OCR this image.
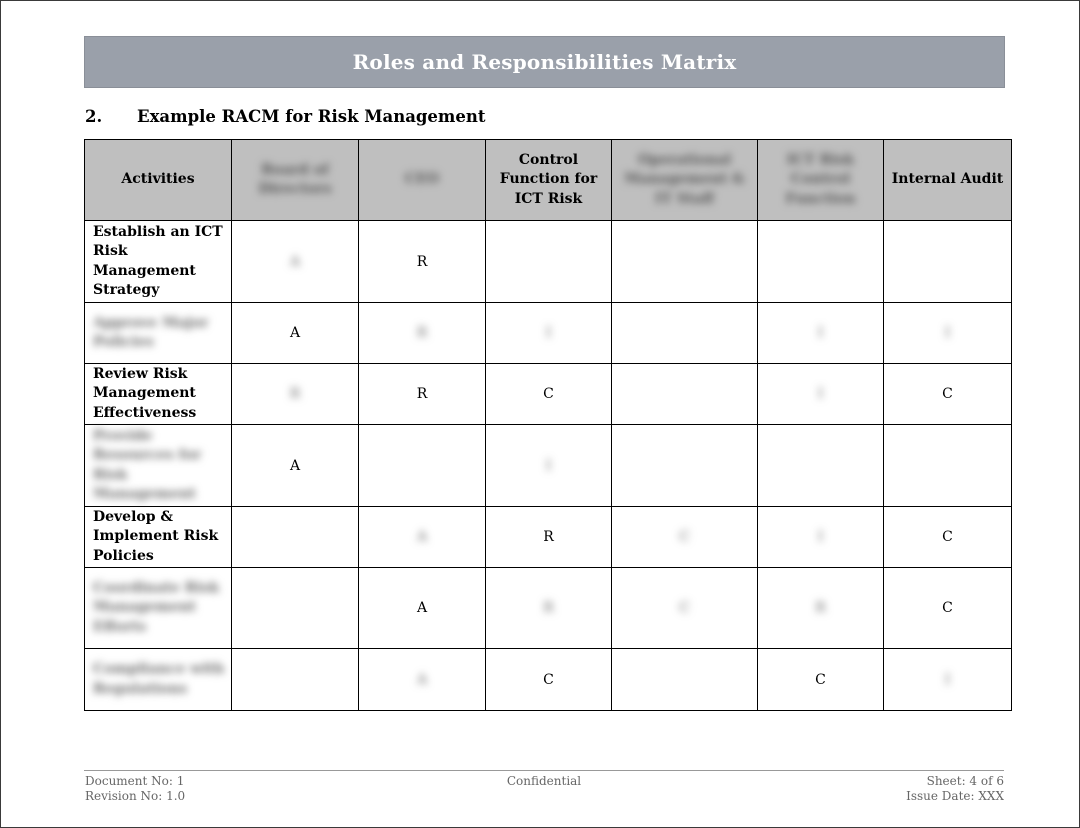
Roles and Responsibilities Matrix
2.	Example RACM for Risk Management
Activities	Board of Directors	CEO	Control Function for ICT Risk	Operational Management & IT Staff	ICT Risk Control Function	Internal Audit
Establish an ICT Risk Management Strategy	A	R				
Approve Major Policies	A	R	I		I	I
Review Risk Management Effectiveness	R	R	C		I	C
Provide Resources for Risk Management	A		I			
Develop & Implement Risk Policies		A	R	C	I	C
Coordinate Risk Management Efforts		A	R	C	R	C
Compliance with Regulations		A	C		C	I
Document No: 1
Revision No: 1.0
Confidential	Sheet: 4 of 6
Issue Date: XXX
